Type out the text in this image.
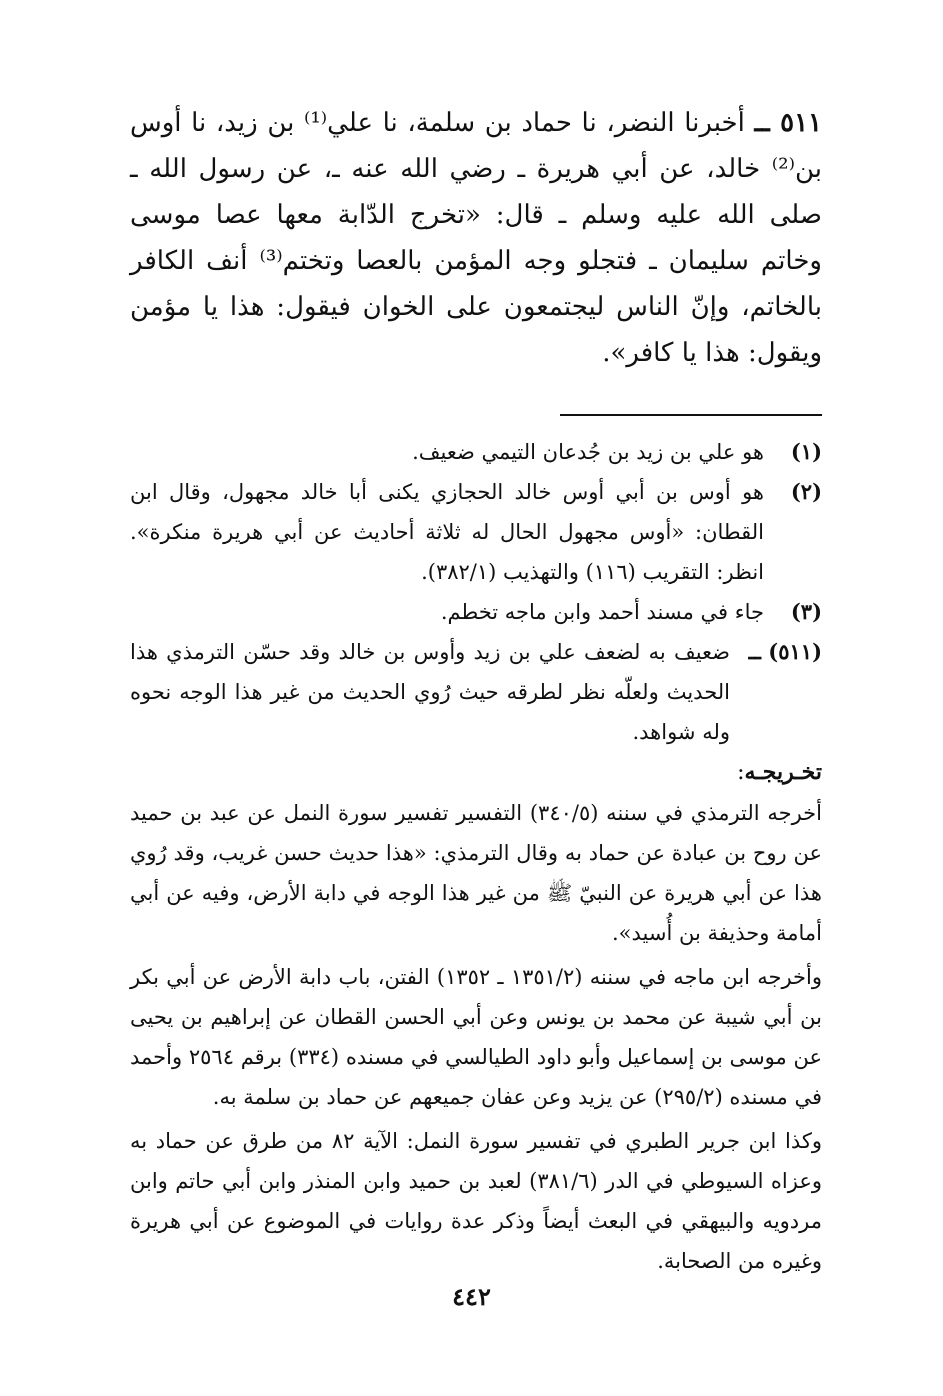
٥١١ ــ أخبرنا النضر، نا حماد بن سلمة، نا علي⁽¹⁾ بن زيد، نا أوس بن⁽²⁾ خالد، عن أبي هريرة ـ رضي الله عنه ـ، عن رسول الله ـ صلى الله عليه وسلم ـ قال: «تخرج الدّابة معها عصا موسى وخاتم سليمان ـ فتجلو وجه المؤمن بالعصا وتختم⁽³⁾ أنف الكافر بالخاتم، وإنّ الناس ليجتمعون على الخوان فيقول: هذا يا مؤمن ويقول: هذا يا كافر».

(١)
هو علي بن زيد بن جُدعان التيمي ضعيف.
(٢)
هو أوس بن أبي أوس خالد الحجازي يكنى أبا خالد مجهول، وقال ابن القطان: «أوس مجهول الحال له ثلاثة أحاديث عن أبي هريرة منكرة». انظر: التقريب (١١٦) والتهذيب (٣٨٢/١).
(٣)
جاء في مسند أحمد وابن ماجه تخطم.
(٥١١) ــ
ضعيف به لضعف علي بن زيد وأوس بن خالد وقد حسّن الترمذي هذا الحديث ولعلّه نظر لطرقه حيث رُوي الحديث من غير هذا الوجه نحوه وله شواهد.

تخـريجـه:

أخرجه الترمذي في سننه (٣٤٠/٥) التفسير تفسير سورة النمل عن عبد بن حميد عن روح بن عبادة عن حماد به وقال الترمذي: «هذا حديث حسن غريب، وقد رُوي هذا عن أبي هريرة عن النبيّ ﷺ من غير هذا الوجه في دابة الأرض، وفيه عن أبي أمامة وحذيفة بن أُسيد».

وأخرجه ابن ماجه في سننه (١٣٥١/٢ ـ ١٣٥٢) الفتن، باب دابة الأرض عن أبي بكر بن أبي شيبة عن محمد بن يونس وعن أبي الحسن القطان عن إبراهيم بن يحيى عن موسى بن إسماعيل وأبو داود الطيالسي في مسنده (٣٣٤) برقم ٢٥٦٤ وأحمد في مسنده (٢٩٥/٢) عن يزيد وعن عفان جميعهم عن حماد بن سلمة به.

وكذا ابن جرير الطبري في تفسير سورة النمل: الآية ٨٢ من طرق عن حماد به وعزاه السيوطي في الدر (٣٨١/٦) لعبد بن حميد وابن المنذر وابن أبي حاتم وابن مردويه والبيهقي في البعث أيضاً وذكر عدة روايات في الموضوع عن أبي هريرة وغيره من الصحابة.

٤٤٢
